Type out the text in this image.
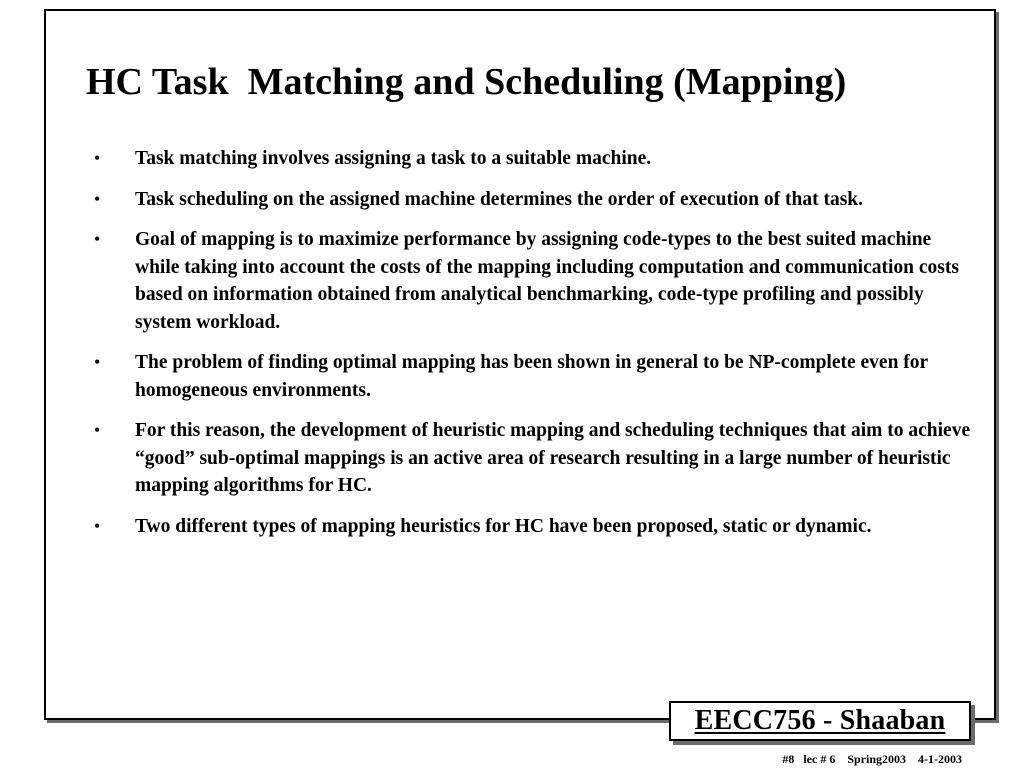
HC Task  Matching and Scheduling (Mapping)
• Task matching involves assigning a task to a suitable machine.
• Task scheduling on the assigned machine determines the order of execution of that task.
• Goal of mapping is to maximize performance by assigning code-types to the best suited machine while taking into account the costs of the mapping including computation and communication costs based on information obtained from analytical benchmarking, code-type profiling and possibly system workload.
• The problem of finding optimal mapping has been shown in general to be NP-complete even for homogeneous environments.
• For this reason, the development of heuristic mapping and scheduling techniques that aim to achieve “good” sub-optimal mappings is an active area of research resulting in a large number of heuristic mapping algorithms for HC.
• Two different types of mapping heuristics for HC have been proposed, static or dynamic.
EECC756 - Shaaban
#8   lec # 6    Spring2003    4-1-2003
